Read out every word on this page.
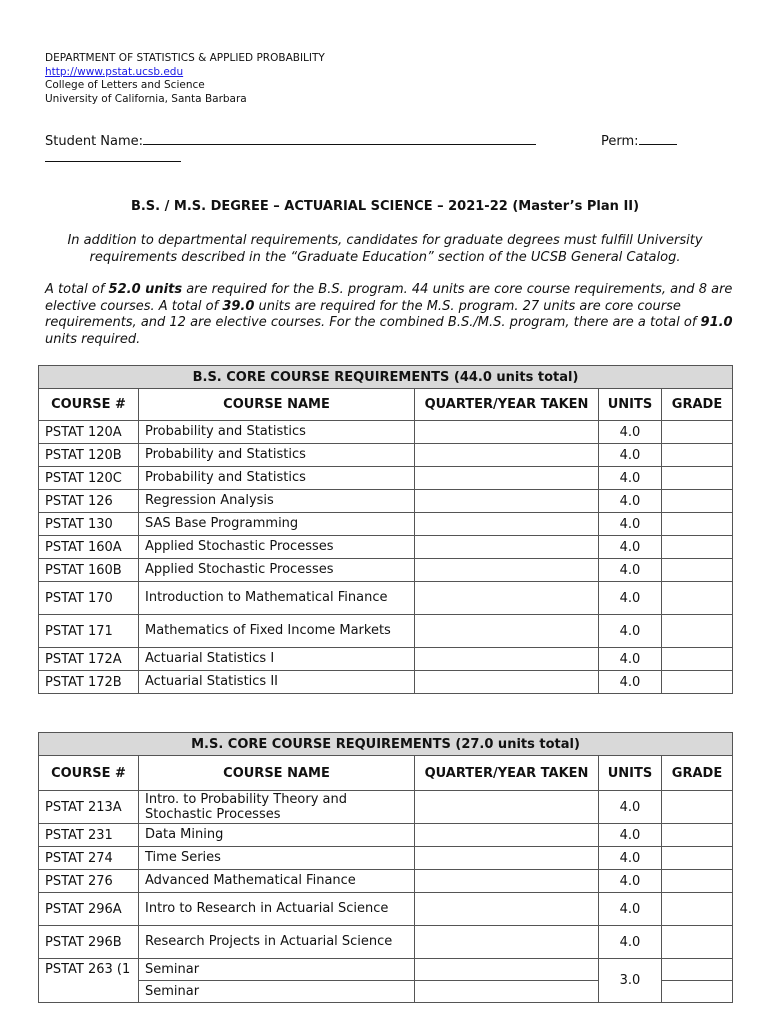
DEPARTMENT OF STATISTICS & APPLIED PROBABILITY
http://www.pstat.ucsb.edu
College of Letters and Science
University of California, Santa Barbara
Student Name:	Perm:
B.S. / M.S. DEGREE – ACTUARIAL SCIENCE – 2021-22 (Master’s Plan II)
In addition to departmental requirements, candidates for graduate degrees must fulfill University requirements described in the “Graduate Education” section of the UCSB General Catalog.
A total of 52.0 units are required for the B.S. program. 44 units are core course requirements, and 8 are elective courses. A total of 39.0 units are required for the M.S. program. 27 units are core course requirements, and 12 are elective courses. For the combined B.S./M.S. program, there are a total of 91.0 units required.
B.S. CORE COURSE REQUIREMENTS (44.0 units total)				
COURSE #	COURSE NAME	QUARTER/YEAR TAKEN	UNITS	GRADE
PSTAT 120A	Probability and Statistics		4.0	
PSTAT 120B	Probability and Statistics		4.0	
PSTAT 120C	Probability and Statistics		4.0	
PSTAT 126	Regression Analysis		4.0	
PSTAT 130	SAS Base Programming		4.0	
PSTAT 160A	Applied Stochastic Processes		4.0	
PSTAT 160B	Applied Stochastic Processes		4.0	
PSTAT 170	Introduction to Mathematical Finance		4.0	
PSTAT 171	Mathematics of Fixed Income Markets		4.0	
PSTAT 172A	Actuarial Statistics I		4.0	
PSTAT 172B	Actuarial Statistics II		4.0	
M.S. CORE COURSE REQUIREMENTS (27.0 units total)				
COURSE #	COURSE NAME	QUARTER/YEAR TAKEN	UNITS	GRADE
PSTAT 213A	Intro. to Probability Theory and Stochastic Processes		4.0	
PSTAT 231	Data Mining		4.0	
PSTAT 274	Time Series		4.0	
PSTAT 276	Advanced Mathematical Finance		4.0	
PSTAT 296A	Intro to Research in Actuarial Science		4.0	
PSTAT 296B	Research Projects in Actuarial Science		4.0	
PSTAT 263 (1	Seminar		3.0	
	Seminar			
